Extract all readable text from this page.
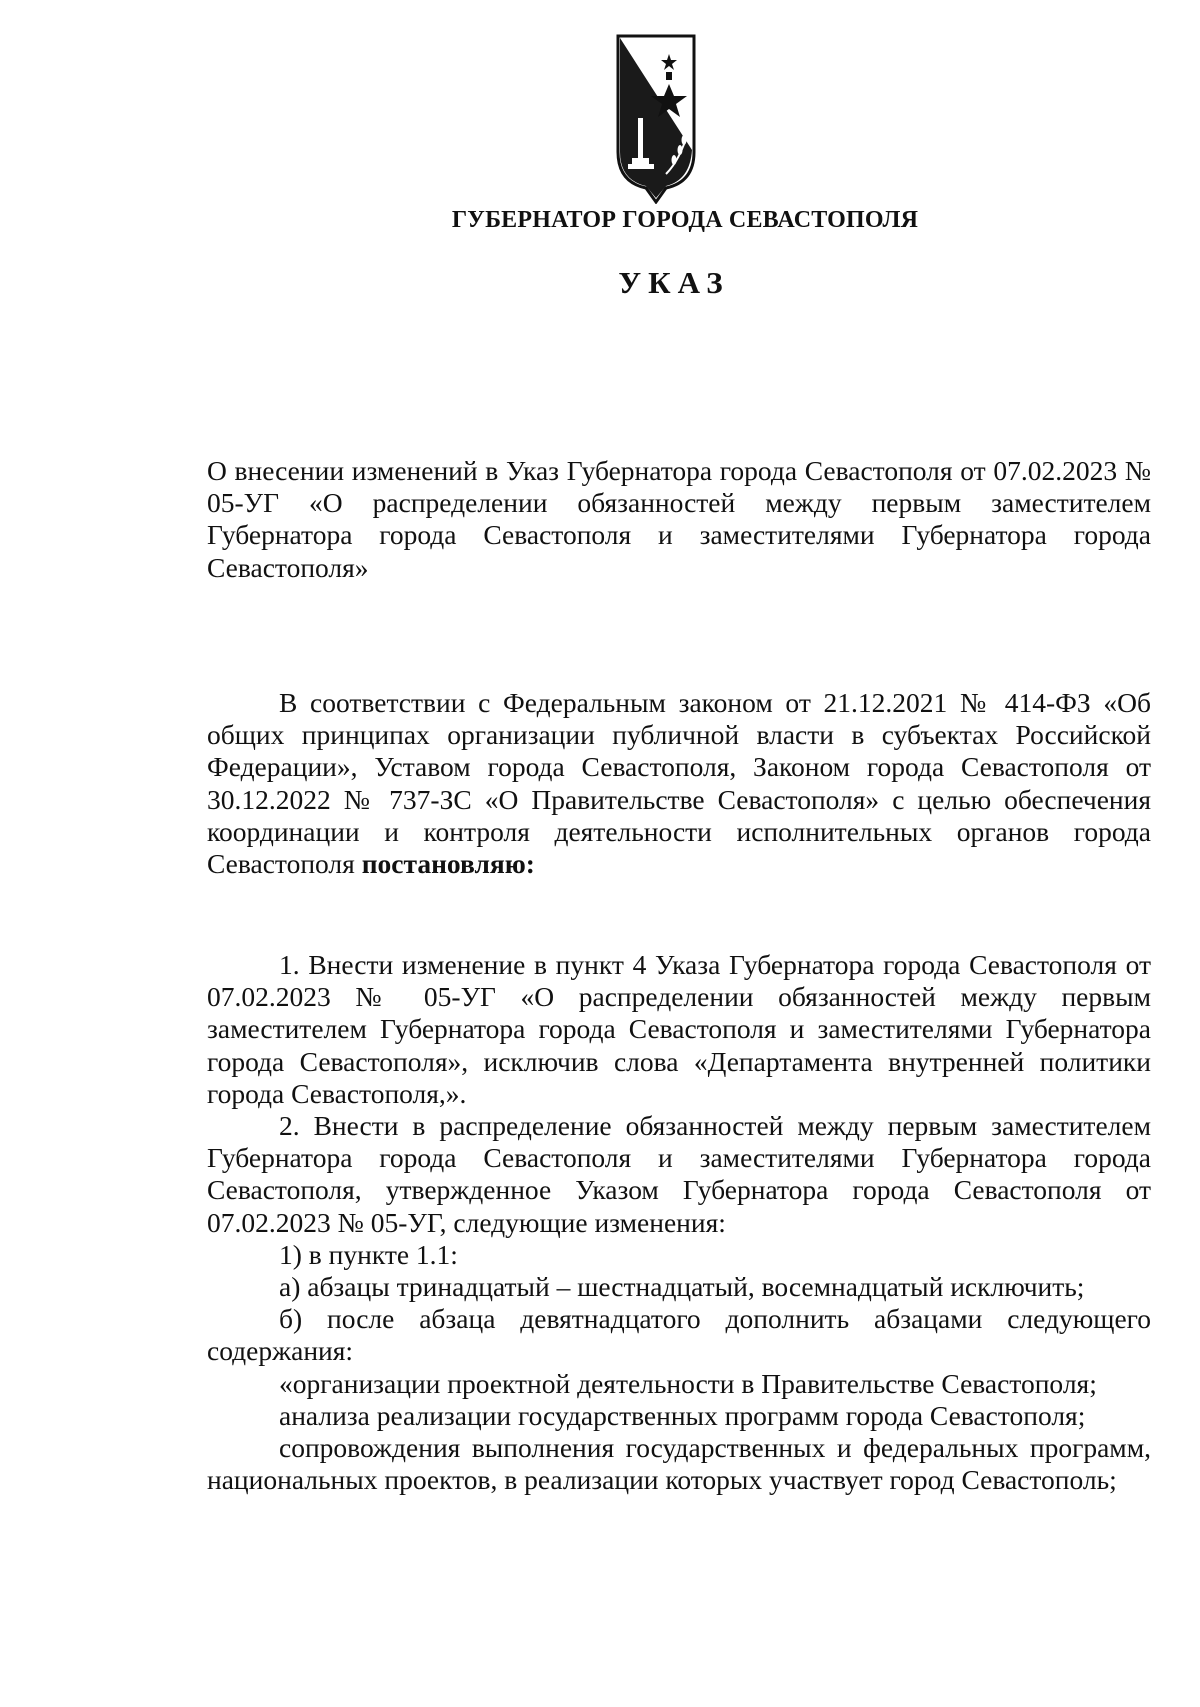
ГУБЕРНАТОР ГОРОДА СЕВАСТОПОЛЯ
УКАЗ

О внесении изменений в Указ Губернатора города Севастополя от 07.02.2023 № 05-УГ «О распределении обязанностей между первым заместителем Губернатора города Севастополя и заместителями Губернатора города Севастополя»

В соответствии с Федеральным законом от 21.12.2021 № 414-ФЗ «Об общих принципах организации публичной власти в субъектах Российской Федерации», Уставом города Севастополя, Законом города Севастополя от 30.12.2022 № 737-ЗС «О Правительстве Севастополя» с целью обеспечения координации и контроля деятельности исполнительных органов города Севастополя постановляю:

1. Внести изменение в пункт 4 Указа Губернатора города Севастополя от 07.02.2023 № 05-УГ «О распределении обязанностей между первым заместителем Губернатора города Севастополя и заместителями Губернатора города Севастополя», исключив слова «Департамента внутренней политики города Севастополя,».

2. Внести в распределение обязанностей между первым заместителем Губернатора города Севастополя и заместителями Губернатора города Севастополя, утвержденное Указом Губернатора города Севастополя от 07.02.2023 № 05-УГ, следующие изменения:

1) в пункте 1.1:

а) абзацы тринадцатый – шестнадцатый, восемнадцатый исключить;

б) после абзаца девятнадцатого дополнить абзацами следующего содержания:

«организации проектной деятельности в Правительстве Севастополя;

анализа реализации государственных программ города Севастополя;

сопровождения выполнения государственных и федеральных программ, национальных проектов, в реализации которых участвует город Севастополь;
